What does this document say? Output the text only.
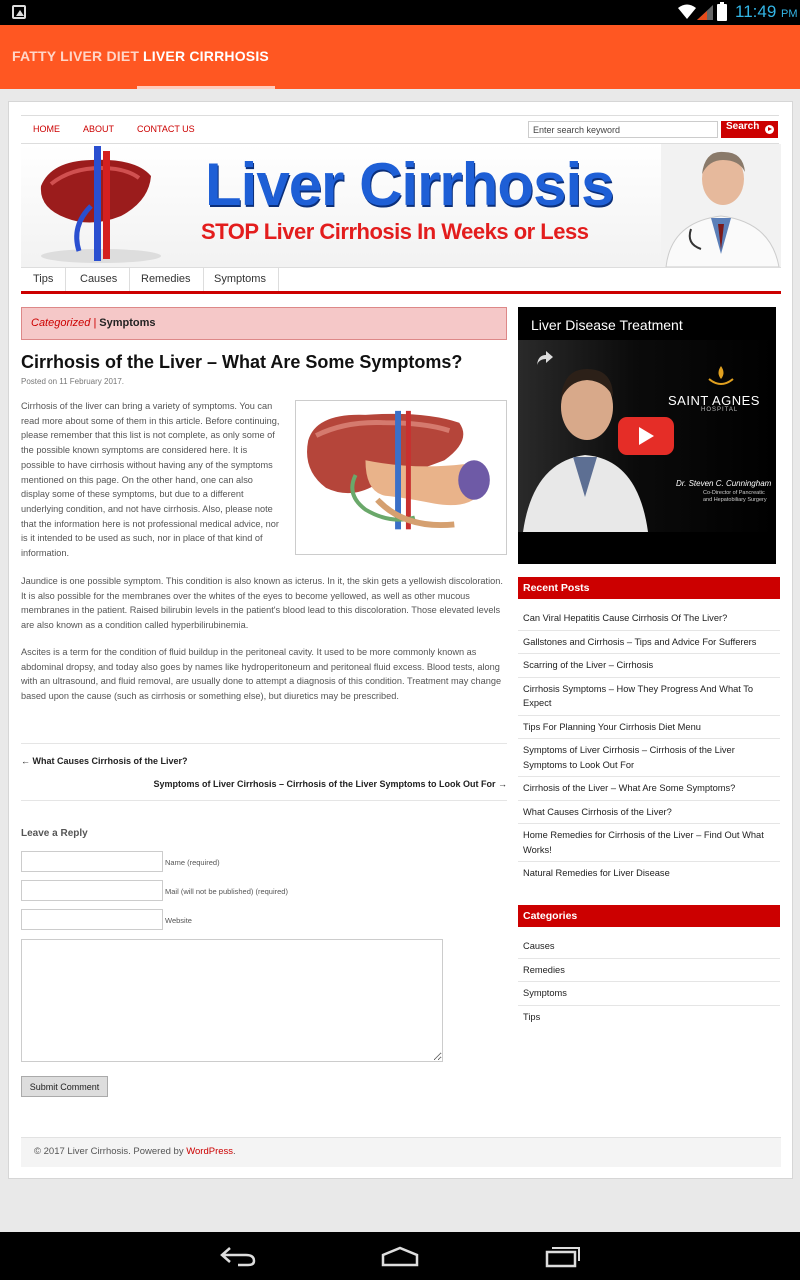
11:49 PM
FATTY LIVER DIET LIVER CIRRHOSIS
HOME	ABOUT	CONTACT US
Enter search keyword	Search
Liver Cirrhosis
STOP Liver Cirrhosis In Weeks or Less
Tips	Causes	Remedies	Symptoms
Categorized | Symptoms
Cirrhosis of the Liver – What Are Some Symptoms?
Posted on 11 February 2017.

Cirrhosis of the liver can bring a variety of symptoms. You can read more about some of them in this article. Before continuing, please remember that this list is not complete, as only some of the possible known symptoms are considered here. It is possible to have cirrhosis without having any of the symptoms mentioned on this page. On the other hand, one can also display some of these symptoms, but due to a different underlying condition, and not have cirrhosis. Also, please note that the information here is not professional medical advice, nor is it intended to be used as such, nor in place of that kind of information.

Jaundice is one possible symptom. This condition is also known as icterus. In it, the skin gets a yellowish discoloration. It is also possible for the membranes over the whites of the eyes to become yellowed, as well as other mucous membranes in the patient. Raised bilirubin levels in the patient's blood lead to this discoloration. Those elevated levels are also known as a condition called hyperbilirubinemia.

Ascites is a term for the condition of fluid buildup in the peritoneal cavity. It used to be more commonly known as abdominal dropsy, and today also goes by names like hydroperitoneum and peritoneal fluid excess. Blood tests, along with an ultrasound, and fluid removal, are usually done to attempt a diagnosis of this condition. Treatment may change based upon the cause (such as cirrhosis or something else), but diuretics may be prescribed.

← What Causes Cirrhosis of the Liver?
Symptoms of Liver Cirrhosis – Cirrhosis of the Liver Symptoms to Look Out For →
Leave a Reply
Name (required)
Mail (will not be published) (required)
Website
Submit Comment
Liver Disease Treatment
SAINT AGNES
HOSPITAL
Dr. Steven C. Cunningham
Co-Director of Pancreatic
and Hepatobiliary Surgery
Recent Posts
Can Viral Hepatitis Cause Cirrhosis Of The Liver?
Gallstones and Cirrhosis – Tips and Advice For Sufferers
Scarring of the Liver – Cirrhosis
Cirrhosis Symptoms – How They Progress And What To Expect
Tips For Planning Your Cirrhosis Diet Menu
Symptoms of Liver Cirrhosis – Cirrhosis of the Liver Symptoms to Look Out For
Cirrhosis of the Liver – What Are Some Symptoms?
What Causes Cirrhosis of the Liver?
Home Remedies for Cirrhosis of the Liver – Find Out What Works!
Natural Remedies for Liver Disease
Categories
Causes
Remedies
Symptoms
Tips
© 2017 Liver Cirrhosis. Powered by WordPress.
